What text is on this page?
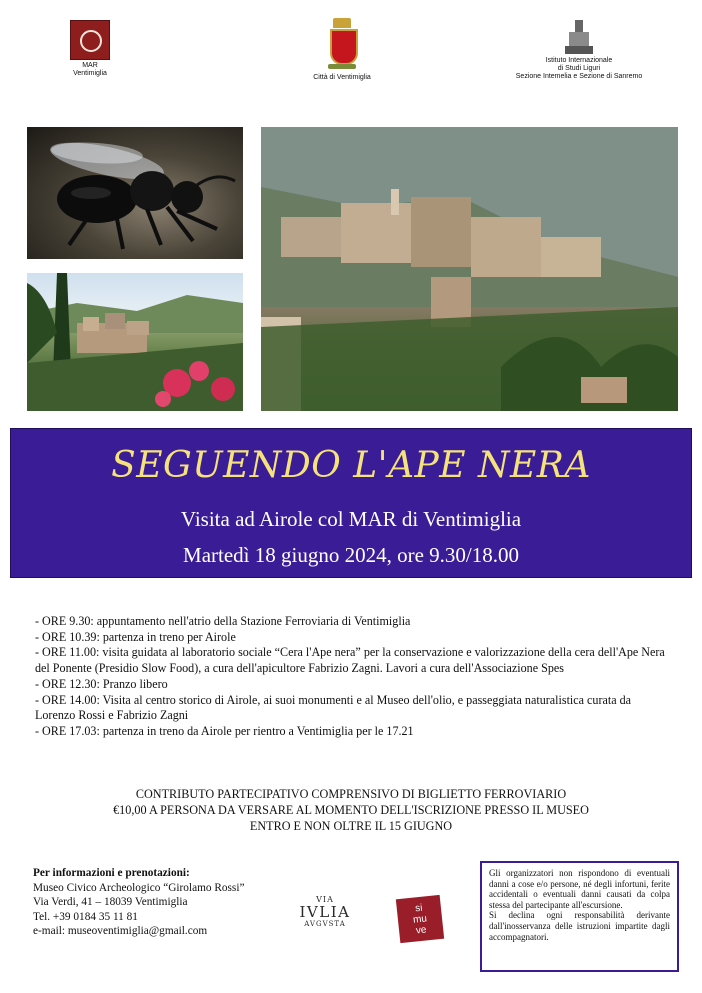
MAR
Ventimiglia
Città di Ventimiglia
Istituto Internazionale
di Studi Liguri
Sezione Intemelia e Sezione di Sanremo
SEGUENDO L'APE NERA
Visita ad Airole col MAR di Ventimiglia
Martedì 18 giugno 2024, ore 9.30/18.00

- ORE 9.30: appuntamento nell'atrio della Stazione Ferroviaria di Ventimiglia

- ORE 10.39: partenza in treno per Airole

- ORE 11.00: visita guidata al laboratorio sociale “Cera l'Ape nera” per la conservazione e valorizzazione della cera dell'Ape Nera del Ponente (Presidio Slow Food), a cura dell'apicultore Fabrizio Zagni. Lavori a cura dell'Associazione Spes

- ORE 12.30: Pranzo libero

- ORE 14.00: Visita al centro storico di Airole, ai suoi monumenti e al Museo dell'olio, e passeggiata naturalistica curata da Lorenzo Rossi e Fabrizio Zagni

- ORE 17.03: partenza in treno da Airole per rientro a Ventimiglia per le 17.21

CONTRIBUTO PARTECIPATIVO COMPRENSIVO DI BIGLIETTO FERROVIARIO

€10,00 A PERSONA DA VERSARE AL MOMENTO DELL'ISCRIZIONE PRESSO IL MUSEO

ENTRO E NON OLTRE IL 15 GIUGNO

Per informazioni e prenotazioni:

Museo Civico Archeologico “Girolamo Rossi”

Via Verdi, 41 – 18039 Ventimiglia

Tel. +39 0184 35 11 81

e-mail: museoventimiglia@gmail.com

VIA
IVLIA
AVGVSTA
si
mu
ve

Gli organizzatori non rispondono di eventuali danni a cose e/o persone, né degli infortuni, ferite accidentali o eventuali danni causati da colpa stessa del partecipante all'escursione.

Si declina ogni responsabilità derivante dall'inosservanza delle istruzioni impartite dagli accompagnatori.
